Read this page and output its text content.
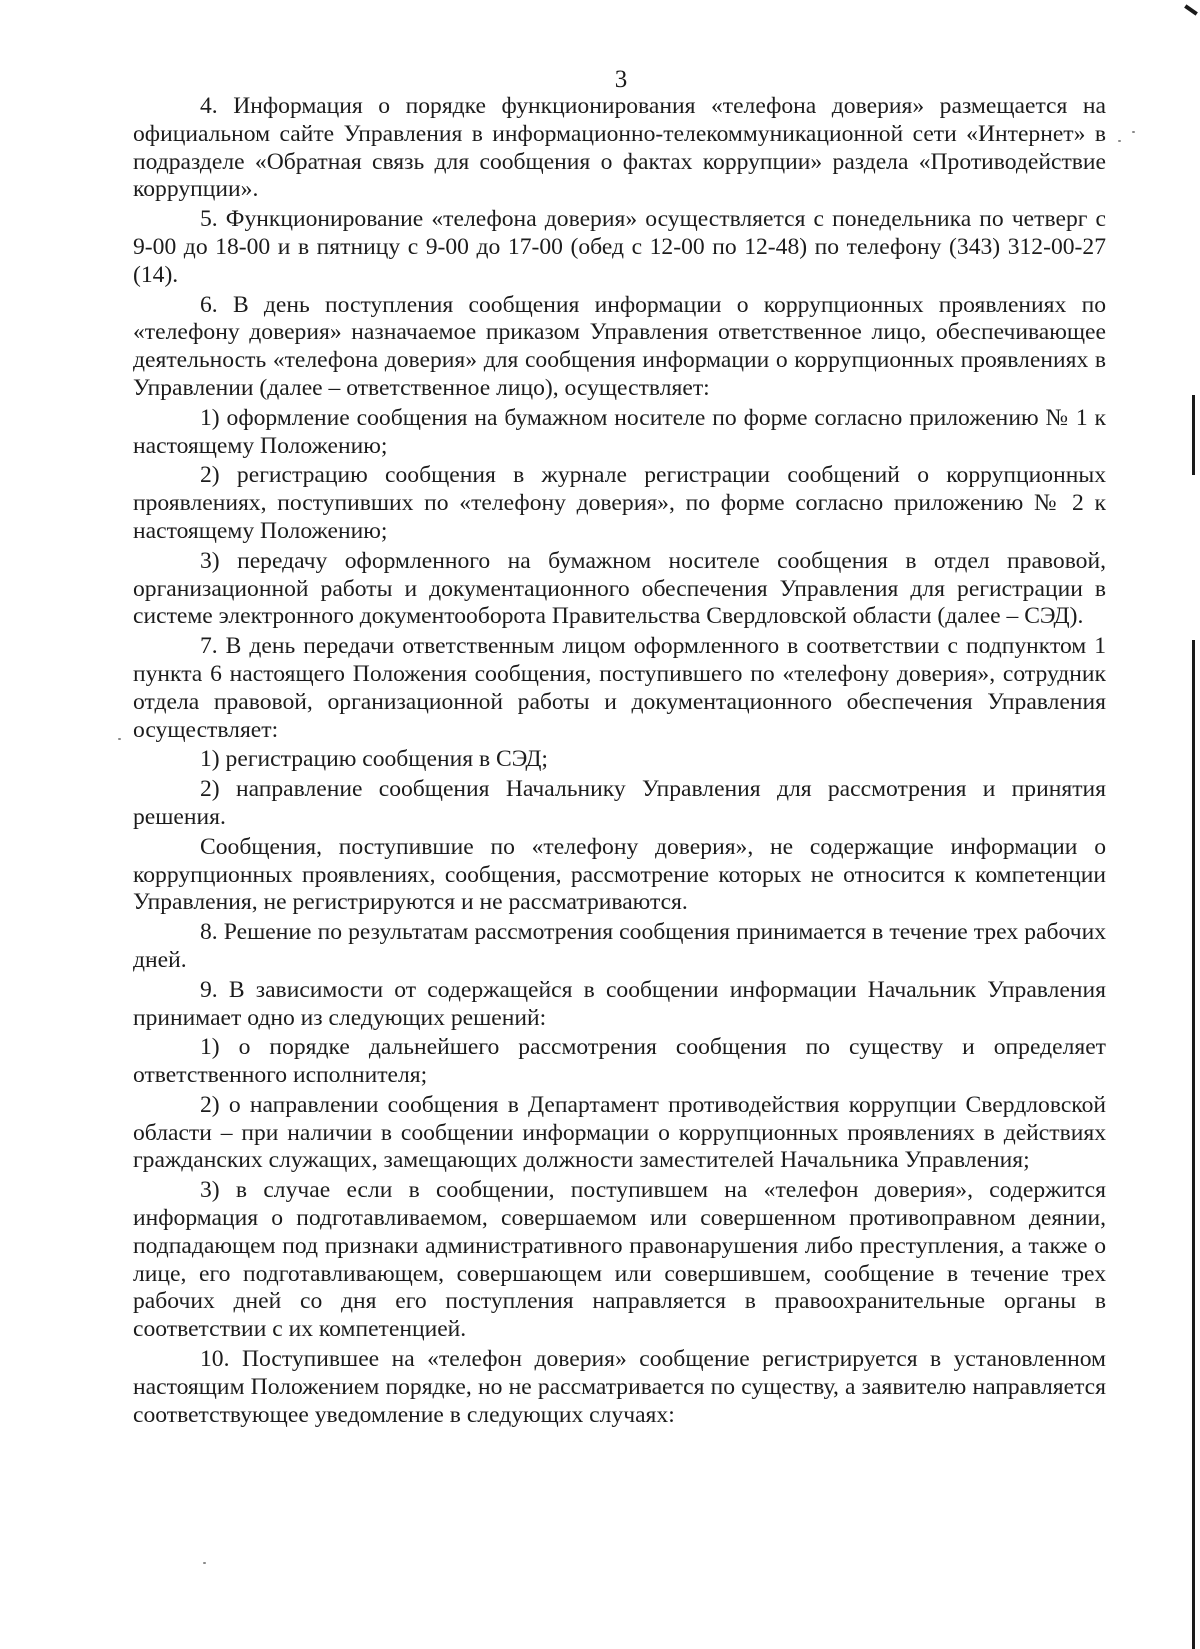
3

4. Информация о порядке функционирования «телефона доверия» размещается на официальном сайте Управления в информационно-телекоммуникационной сети «Интернет» в подразделе «Обратная связь для сообщения о фактах коррупции» раздела «Противодействие коррупции».

5. Функционирование «телефона доверия» осуществляется с понедельника по четверг с 9-00 до 18-00 и в пятницу с 9-00 до 17-00 (обед с 12-00 по 12-48) по телефону (343) 312-00-27 (14).

6. В день поступления сообщения информации о коррупционных проявлениях по «телефону доверия» назначаемое приказом Управления ответственное лицо, обеспечивающее деятельность «телефона доверия» для сообщения информации о коррупционных проявлениях в Управлении (далее – ответственное лицо), осуществляет:

1) оформление сообщения на бумажном носителе по форме согласно приложению № 1 к настоящему Положению;

2) регистрацию сообщения в журнале регистрации сообщений о коррупционных проявлениях, поступивших по «телефону доверия», по форме согласно приложению № 2 к настоящему Положению;

3) передачу оформленного на бумажном носителе сообщения в отдел правовой, организационной работы и документационного обеспечения Управления для регистрации в системе электронного документооборота Правительства Свердловской области (далее – СЭД).

7. В день передачи ответственным лицом оформленного в соответствии с подпунктом 1 пункта 6 настоящего Положения сообщения, поступившего по «телефону доверия», сотрудник отдела правовой, организационной работы и документационного обеспечения Управления осуществляет:

1) регистрацию сообщения в СЭД;

2) направление сообщения Начальнику Управления для рассмотрения и принятия решения.

Сообщения, поступившие по «телефону доверия», не содержащие информации о коррупционных проявлениях, сообщения, рассмотрение которых не относится к компетенции Управления, не регистрируются и не рассматриваются.

8. Решение по результатам рассмотрения сообщения принимается в течение трех рабочих дней.

9. В зависимости от содержащейся в сообщении информации Начальник Управления принимает одно из следующих решений:

1) о порядке дальнейшего рассмотрения сообщения по существу и определяет ответственного исполнителя;

2) о направлении сообщения в Департамент противодействия коррупции Свердловской области – при наличии в сообщении информации о коррупционных проявлениях в действиях гражданских служащих, замещающих должности заместителей Начальника Управления;

3) в случае если в сообщении, поступившем на «телефон доверия», содержится информация о подготавливаемом, совершаемом или совершенном противоправном деянии, подпадающем под признаки административного правонарушения либо преступления, а также о лице, его подготавливающем, совершающем или совершившем, сообщение в течение трех рабочих дней со дня его поступления направляется в правоохранительные органы в соответствии с их компетенцией.

10. Поступившее на «телефон доверия» сообщение регистрируется в установленном настоящим Положением порядке, но не рассматривается по существу, а заявителю направляется соответствующее уведомление в следующих случаях:
